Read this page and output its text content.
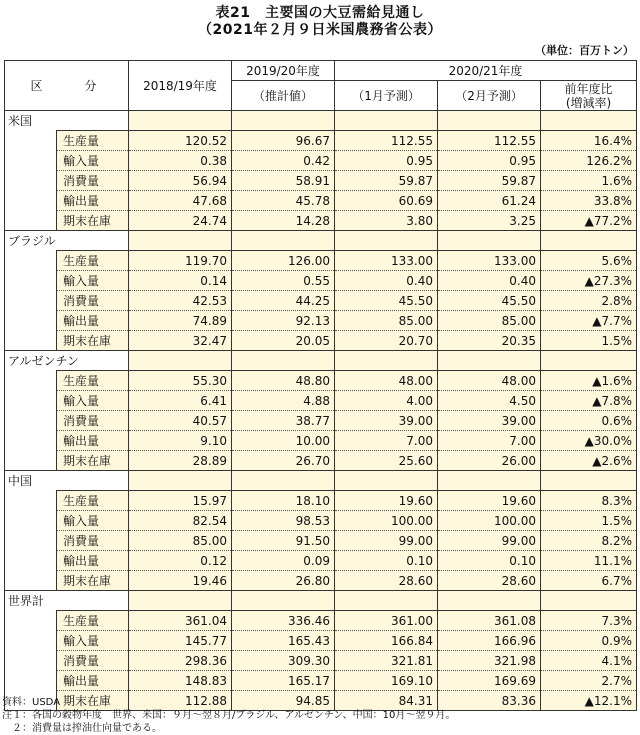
表21　主要国の大豆需給見通し
（2021年２月９日米国農務省公表）
（単位：百万トン）
区　　分		2018/19年度	2019/20年度	2020/21年度		
			（推計値）	（1月予測）	（2月予測）	前年度比
(増減率)

米国						
	生産量	120.52	96.67	112.55	112.55	16.4%
	輸入量	0.38	0.42	0.95	0.95	126.2%
	消費量	56.94	58.91	59.87	59.87	1.6%
	輸出量	47.68	45.78	60.69	61.24	33.8%
	期末在庫	24.74	14.28	3.80	3.25	▲77.2%
ブラジル						
	生産量	119.70	126.00	133.00	133.00	5.6%
	輸入量	0.14	0.55	0.40	0.40	▲27.3%
	消費量	42.53	44.25	45.50	45.50	2.8%
	輸出量	74.89	92.13	85.00	85.00	▲7.7%
	期末在庫	32.47	20.05	20.70	20.35	1.5%
アルゼンチン						
	生産量	55.30	48.80	48.00	48.00	▲1.6%
	輸入量	6.41	4.88	4.00	4.50	▲7.8%
	消費量	40.57	38.77	39.00	39.00	0.6%
	輸出量	9.10	10.00	7.00	7.00	▲30.0%
	期末在庫	28.89	26.70	25.60	26.00	▲2.6%
中国						
	生産量	15.97	18.10	19.60	19.60	8.3%
	輸入量	82.54	98.53	100.00	100.00	1.5%
	消費量	85.00	91.50	99.00	99.00	8.2%
	輸出量	0.12	0.09	0.10	0.10	11.1%
	期末在庫	19.46	26.80	28.60	28.60	6.7%
世界計						
	生産量	361.04	336.46	361.00	361.08	7.3%
	輸入量	145.77	165.43	166.84	166.96	0.9%
	消費量	298.36	309.30	321.81	321.98	4.1%
	輸出量	148.83	165.17	169.10	169.69	2.7%
	期末在庫	112.88	94.85	84.31	83.36	▲12.1%
資料：USDA
注１：各国の穀物年度　世界、米国：９月～翌８月/ブラジル、アルゼンチン、中国：10月～翌９月。
　２：消費量は搾油仕向量である。
